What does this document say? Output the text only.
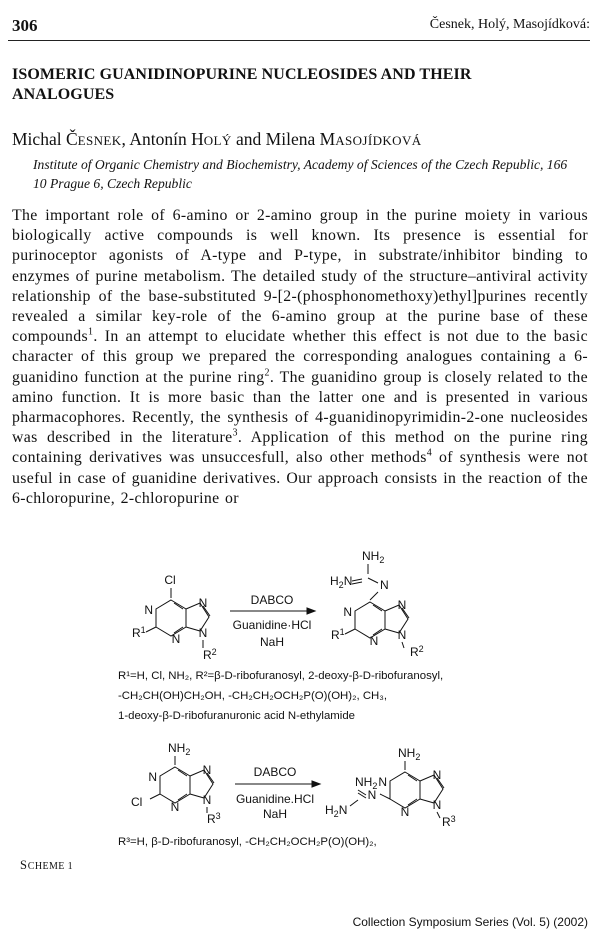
306	Česnek, Holý, Masojídková:
ISOMERIC GUANIDINOPURINE NUCLEOSIDES AND THEIR ANALOGUES

Michal ČESNEK, Antonín HOLÝ and Milena MASOJÍDKOVÁ

Institute of Organic Chemistry and Biochemistry, Academy of Sciences of the Czech Republic, 166 10 Prague 6, Czech Republic

The important role of 6-amino or 2-amino group in the purine moiety in various biologically active compounds is well known. Its presence is essential for purinoceptor agonists of A-type and P-type, in substrate/inhibitor binding to enzymes of purine metabolism. The detailed study of the structure–antiviral activity relationship of the base-substituted 9-[2-(phosphonomethoxy)ethyl]purines recently revealed a similar key-role of the 6-amino group at the purine base of these compounds$^1$. In an attempt to elucidate whether this effect is not due to the basic character of this group we prepared the corresponding analogues containing a 6-guanidino function at the purine ring$^2$. The guanidino group is closely related to the amino function. It is more basic than the latter one and is presented in various pharmacophores. Recently, the synthesis of 4-guanidinopyrimidin-2-one nucleosides was described in the literature$^3$. Application of this method on the purine ring containing derivatives was unsuccesfull, also other methods$^4$ of synthesis were not useful in case of guanidine derivatives. Our approach consists in the reaction of the 6-chloropurine, 2-chloropurine or

Cl
N
N
N
N
$R^2$
$R^1$
DABCO
Guanidine·HCl
NaH
$NH_2$
$H_2N$ N
N
N
N
N
$R^2$
$R^1$
R¹=H, Cl, NH₂, R²=β-D-ribofuranosyl, 2-deoxy-β-D-ribofuranosyl,
-CH₂CH(OH)CH₂OH, -CH₂CH₂OCH₂P(O)(OH)₂, CH₃,
1-deoxy-β-D-ribofuranuronic acid N-ethylamide
$NH_2$
N
N
N
N
$R^3$
Cl
DABCO
Guanidine.HCl
NaH
$NH_2$
N
N
N
N
$R^3$
N
$NH_2$
$H_2N$
R³=H, β-D-ribofuranosyl, -CH₂CH₂OCH₂P(O)(OH)₂,

SCHEME 1

Collection Symposium Series (Vol. 5) (2002)
